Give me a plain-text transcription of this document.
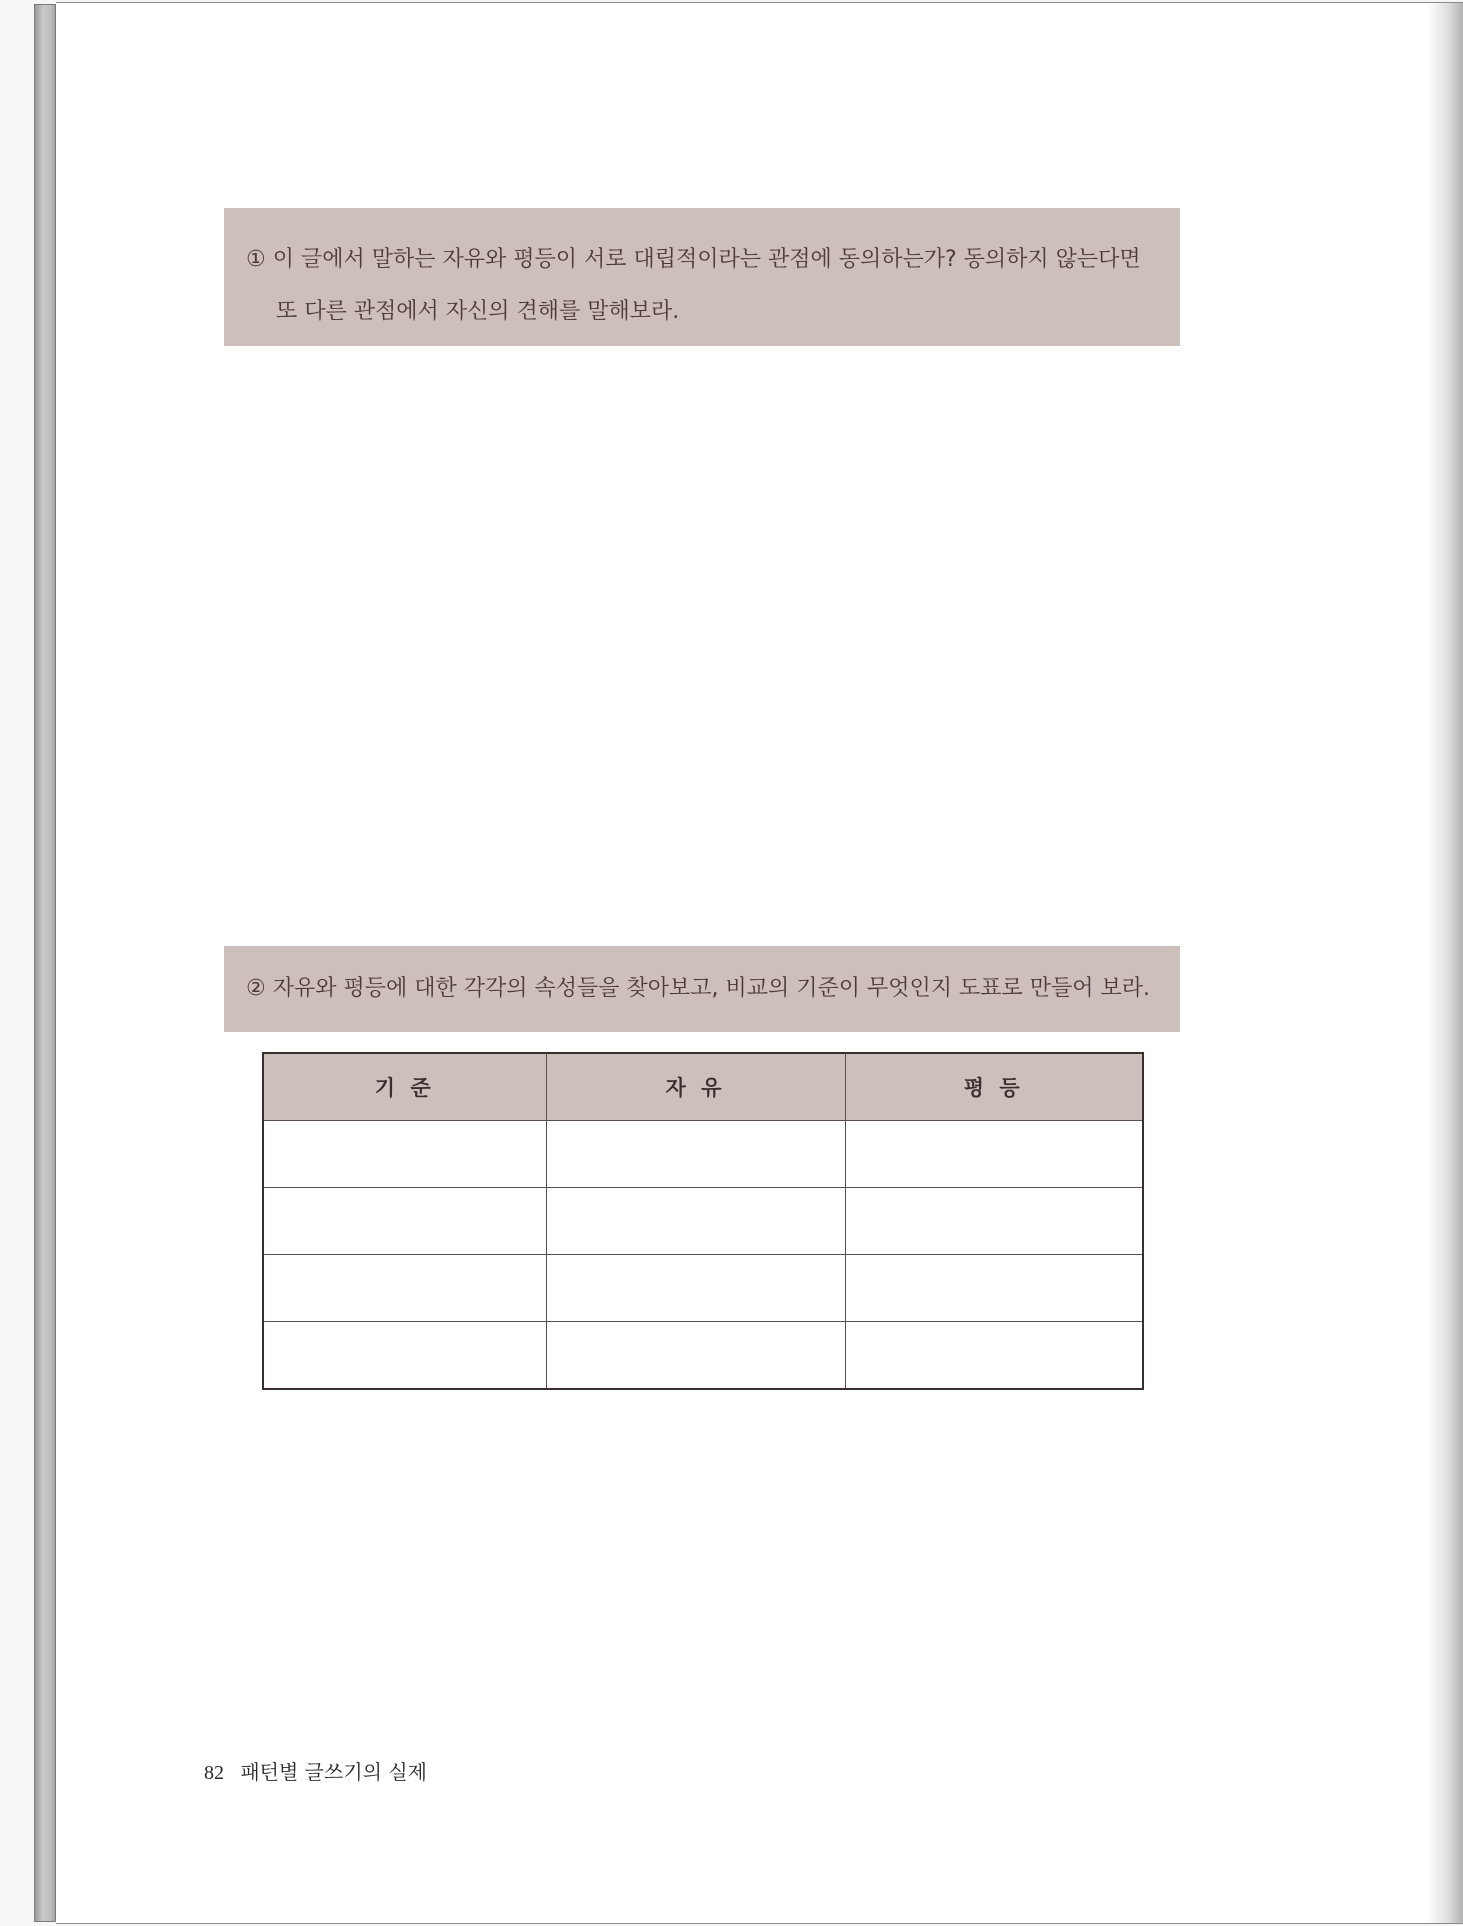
① 이 글에서 말하는 자유와 평등이 서로 대립적이라는 관점에 동의하는가? 동의하지 않는다면
또 다른 관점에서 자신의 견해를 말해보라.
② 자유와 평등에 대한 각각의 속성들을 찾아보고, 비교의 기준이 무엇인지 도표로 만들어 보라.
기 준	자 유	평 등

82 패턴별 글쓰기의 실제
